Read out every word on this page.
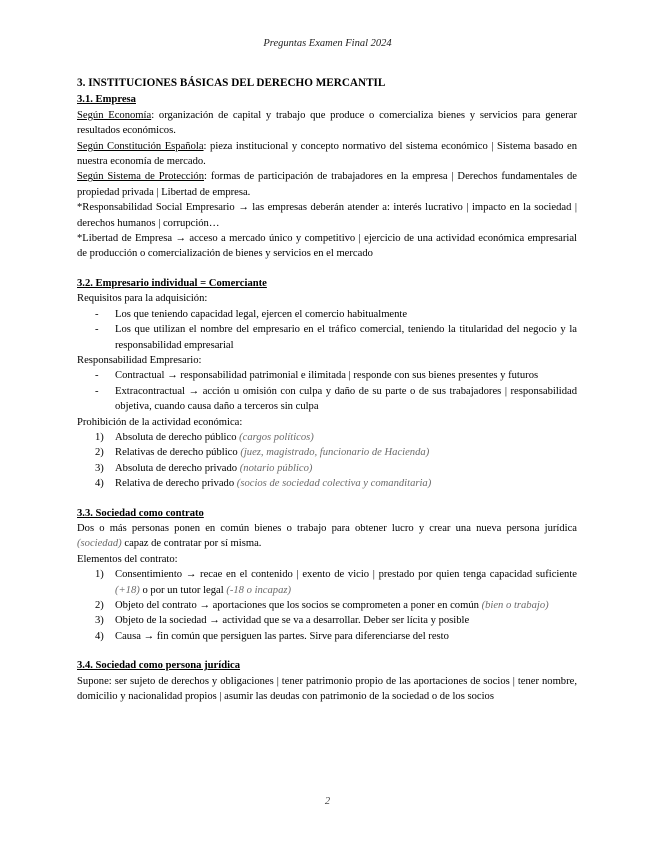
Preguntas Examen Final 2024
3. INSTITUCIONES BÁSICAS DEL DERECHO MERCANTIL
3.1. Empresa

Según Economía: organización de capital y trabajo que produce o comercializa bienes y servicios para generar resultados económicos.

Según Constitución Española: pieza institucional y concepto normativo del sistema económico | Sistema basado en nuestra economía de mercado.

Según Sistema de Protección: formas de participación de trabajadores en la empresa | Derechos fundamentales de propiedad privada | Libertad de empresa.

*Responsabilidad Social Empresario → las empresas deberán atender a: interés lucrativo | impacto en la sociedad | derechos humanos | corrupción…

*Libertad de Empresa → acceso a mercado único y competitivo | ejercicio de una actividad económica empresarial de producción o comercialización de bienes y servicios en el mercado

3.2. Empresario individual = Comerciante

Requisitos para la adquisición:

- Los que teniendo capacidad legal, ejercen el comercio habitualmente
- Los que utilizan el nombre del empresario en el tráfico comercial, teniendo la titularidad del negocio y la responsabilidad empresarial

Responsabilidad Empresario:

- Contractual → responsabilidad patrimonial e ilimitada | responde con sus bienes presentes y futuros
- Extracontractual → acción u omisión con culpa y daño de su parte o de sus trabajadores | responsabilidad objetiva, cuando causa daño a terceros sin culpa

Prohibición de la actividad económica:

1) Absoluta de derecho público (cargos políticos)
2) Relativas de derecho público (juez, magistrado, funcionario de Hacienda)
3) Absoluta de derecho privado (notario público)
4) Relativa de derecho privado (socios de sociedad colectiva y comanditaria)
3.3. Sociedad como contrato

Dos o más personas ponen en común bienes o trabajo para obtener lucro y crear una nueva persona jurídica (sociedad) capaz de contratar por sí misma.

Elementos del contrato:

1) Consentimiento → recae en el contenido | exento de vicio | prestado por quien tenga capacidad suficiente (+18) o por un tutor legal (-18 o incapaz)
2) Objeto del contrato → aportaciones que los socios se comprometen a poner en común (bien o trabajo)
3) Objeto de la sociedad → actividad que se va a desarrollar. Deber ser lícita y posible
4) Causa → fin común que persiguen las partes. Sirve para diferenciarse del resto
3.4. Sociedad como persona jurídica

Supone: ser sujeto de derechos y obligaciones | tener patrimonio propio de las aportaciones de socios | tener nombre, domicilio y nacionalidad propios | asumir las deudas con patrimonio de la sociedad o de los socios

2
